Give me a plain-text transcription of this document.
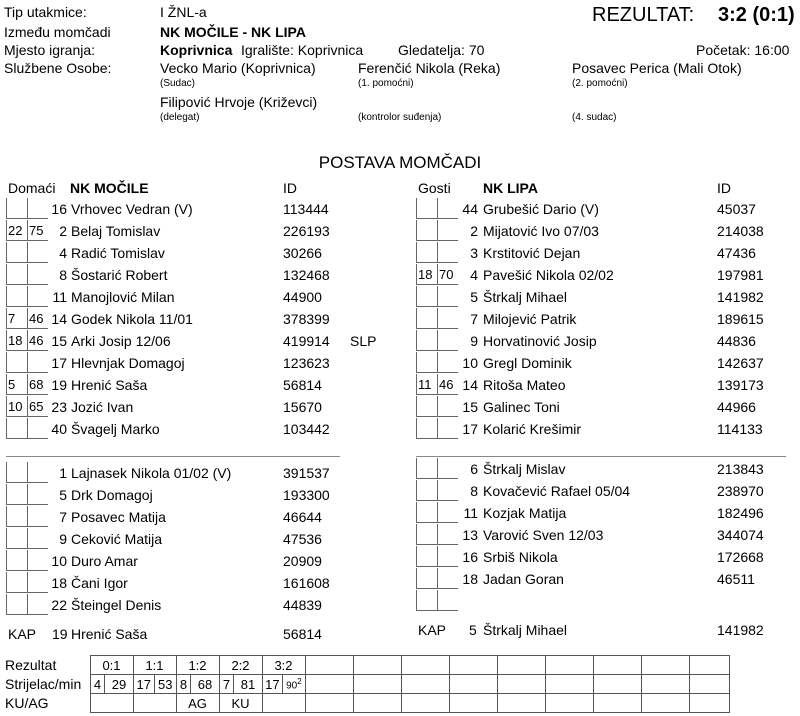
Tip utakmice:	I ŽNL-a	REZULTAT: 3:2 (0:1)
Između momčadi	NK MOČILE - NK LIPA
Mjesto igranja:	Koprivnica Igralište: Koprivnica Gledatelja: 70	Početak: 16:00
Službene Osobe:	Vecko Mario (Koprivnica)
(Sudac)
Ferenčić Nikola (Reka)
(1. pomoćni)
Posavec Perica (Mali Otok)
(2. pomoćni)
Filipović Hrvoje (Križevci)
(delegat)	(kontrolor suđenja)	(4. sudac)
POSTAVA MOMČADI
Domaći NK MOČILE	ID	Gosti NK LIPA	ID
16 Vrhovec Vedran (V)	113444
22 75	2 Belaj Tomislav	226193
4 Radić Tomislav	30266
8 Šostarić Robert	132468
11 Manojlović Milan	44900
7 46 14 Godek Nikola 11/01	378399
18 46 15 Arki Josip 12/06	419914 SLP
17 Hlevnjak Domagoj	123623
5 68 19 Hrenić Saša	56814
10 65 23 Jozić Ivan	15670
40 Švagelj Marko	103442
1 Lajnasek Nikola 01/02 (V)	391537
5 Drk Domagoj	193300
7 Posavec Matija	46644
9 Ceković Matija	47536
10 Duro Amar	20909
18 Čani Igor	161608
22 Šteingel Denis	44839
44 Grubešić Dario (V)	45037
2 Mijatović Ivo 07/03	214038
3 Krstitović Dejan	47436
18 70	4 Pavešić Nikola 02/02	197981
5 Štrkalj Mihael	141982
7 Milojević Patrik	189615
9 Horvatinović Josip	44836
10 Gregl Dominik	142637
11 46 14 Ritoša Mateo	139173
15 Galinec Toni	44966
17 Kolarić Krešimir	114133
6 Štrkalj Mislav	213843
8 Kovačević Rafael 05/04	238970
11 Kozjak Matija	182496
13 Varović Sven 12/03	344074
16 Srbiš Nikola	172668
18 Jadan Goran	46511
KAP 19 Hrenić Saša	56814	KAP 5 Štrkalj Mihael	141982
Rezultat	0:1		1:1		1:2		2:2		3:2										
Strijelac/min	4	29	17	53	8	68	7	81	17	$90^2$									
KU/AG					AG		KU												
